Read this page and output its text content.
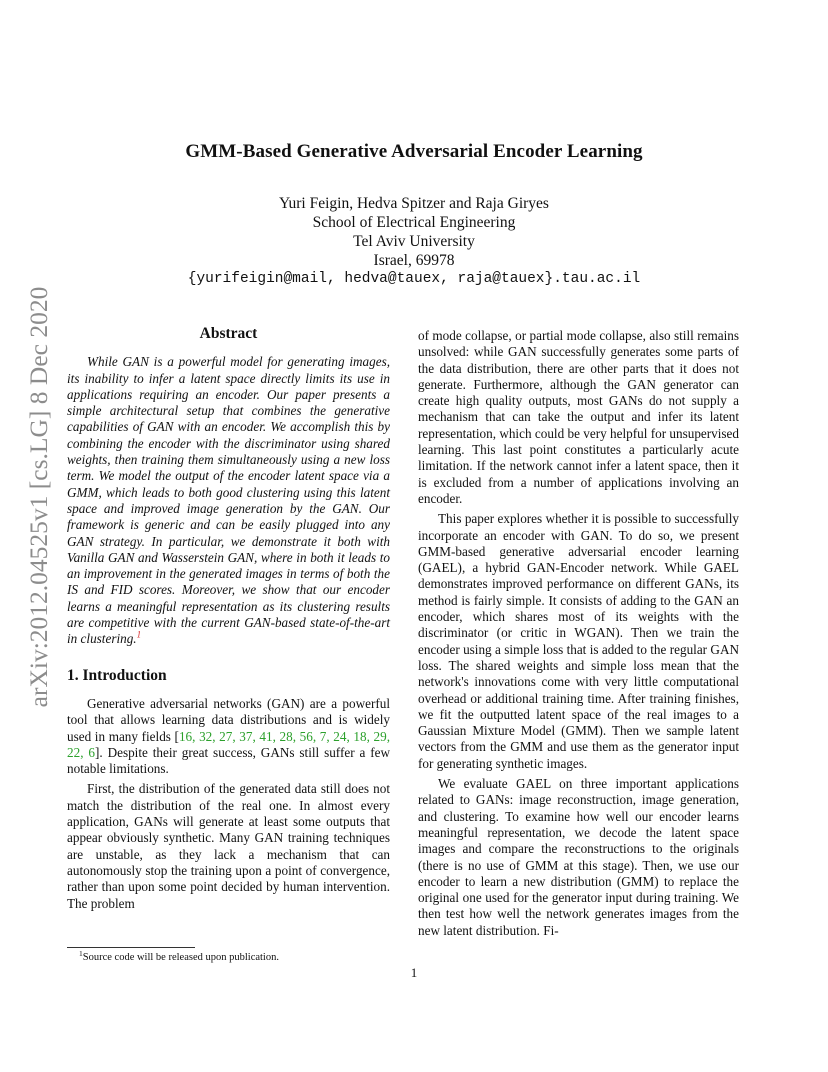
GMM-Based Generative Adversarial Encoder Learning
Yuri Feigin, Hedva Spitzer and Raja Giryes
School of Electrical Engineering
Tel Aviv University
Israel, 69978
{yurifeigin@mail, hedva@tauex, raja@tauex}.tau.ac.il
arXiv:2012.04525v1 [cs.LG] 8 Dec 2020	Abstract

While GAN is a powerful model for generating images, its inability to infer a latent space directly limits its use in applications requiring an encoder. Our paper presents a simple architectural setup that combines the generative capabilities of GAN with an encoder. We accomplish this by combining the encoder with the discriminator using shared weights, then training them simultaneously using a new loss term. We model the output of the encoder latent space via a GMM, which leads to both good clustering using this latent space and improved image generation by the GAN. Our framework is generic and can be easily plugged into any GAN strategy. In particular, we demonstrate it both with Vanilla GAN and Wasserstein GAN, where in both it leads to an improvement in the generated images in terms of both the IS and FID scores. Moreover, we show that our encoder learns a meaningful representation as its clustering results are competitive with the current GAN-based state-of-the-art in clustering.$^1$

1. Introduction

Generative adversarial networks (GAN) are a powerful tool that allows learning data distributions and is widely used in many fields [16, 32, 27, 37, 41, 28, 56, 7, 24, 18, 29, 22, 6]. Despite their great success, GANs still suffer a few notable limitations.

First, the distribution of the generated data still does not match the distribution of the real one. In almost every application, GANs will generate at least some outputs that appear obviously synthetic. Many GAN training techniques are unstable, as they lack a mechanism that can autonomously stop the training upon a point of convergence, rather than upon some point decided by human intervention. The problem

of mode collapse, or partial mode collapse, also still remains unsolved: while GAN successfully generates some parts of the data distribution, there are other parts that it does not generate. Furthermore, although the GAN generator can create high quality outputs, most GANs do not supply a mechanism that can take the output and infer its latent representation, which could be very helpful for unsupervised learning. This last point constitutes a particularly acute limitation. If the network cannot infer a latent space, then it is excluded from a number of applications involving an encoder.

This paper explores whether it is possible to successfully incorporate an encoder with GAN. To do so, we present GMM-based generative adversarial encoder learning (GAEL), a hybrid GAN-Encoder network. While GAEL demonstrates improved performance on different GANs, its method is fairly simple. It consists of adding to the GAN an encoder, which shares most of its weights with the discriminator (or critic in WGAN). Then we train the encoder using a simple loss that is added to the regular GAN loss. The shared weights and simple loss mean that the network's innovations come with very little computational overhead or additional training time. After training finishes, we fit the outputted latent space of the real images to a Gaussian Mixture Model (GMM). Then we sample latent vectors from the GMM and use them as the generator input for generating synthetic images.

We evaluate GAEL on three important applications related to GANs: image reconstruction, image generation, and clustering. To examine how well our encoder learns meaningful representation, we decode the latent space images and compare the reconstructions to the originals (there is no use of GMM at this stage). Then, we use our encoder to learn a new distribution (GMM) to replace the original one used for the generator input during training. We then test how well the network generates images from the new latent distribution. Fi-

$^1$Source code will be released upon publication.
1
